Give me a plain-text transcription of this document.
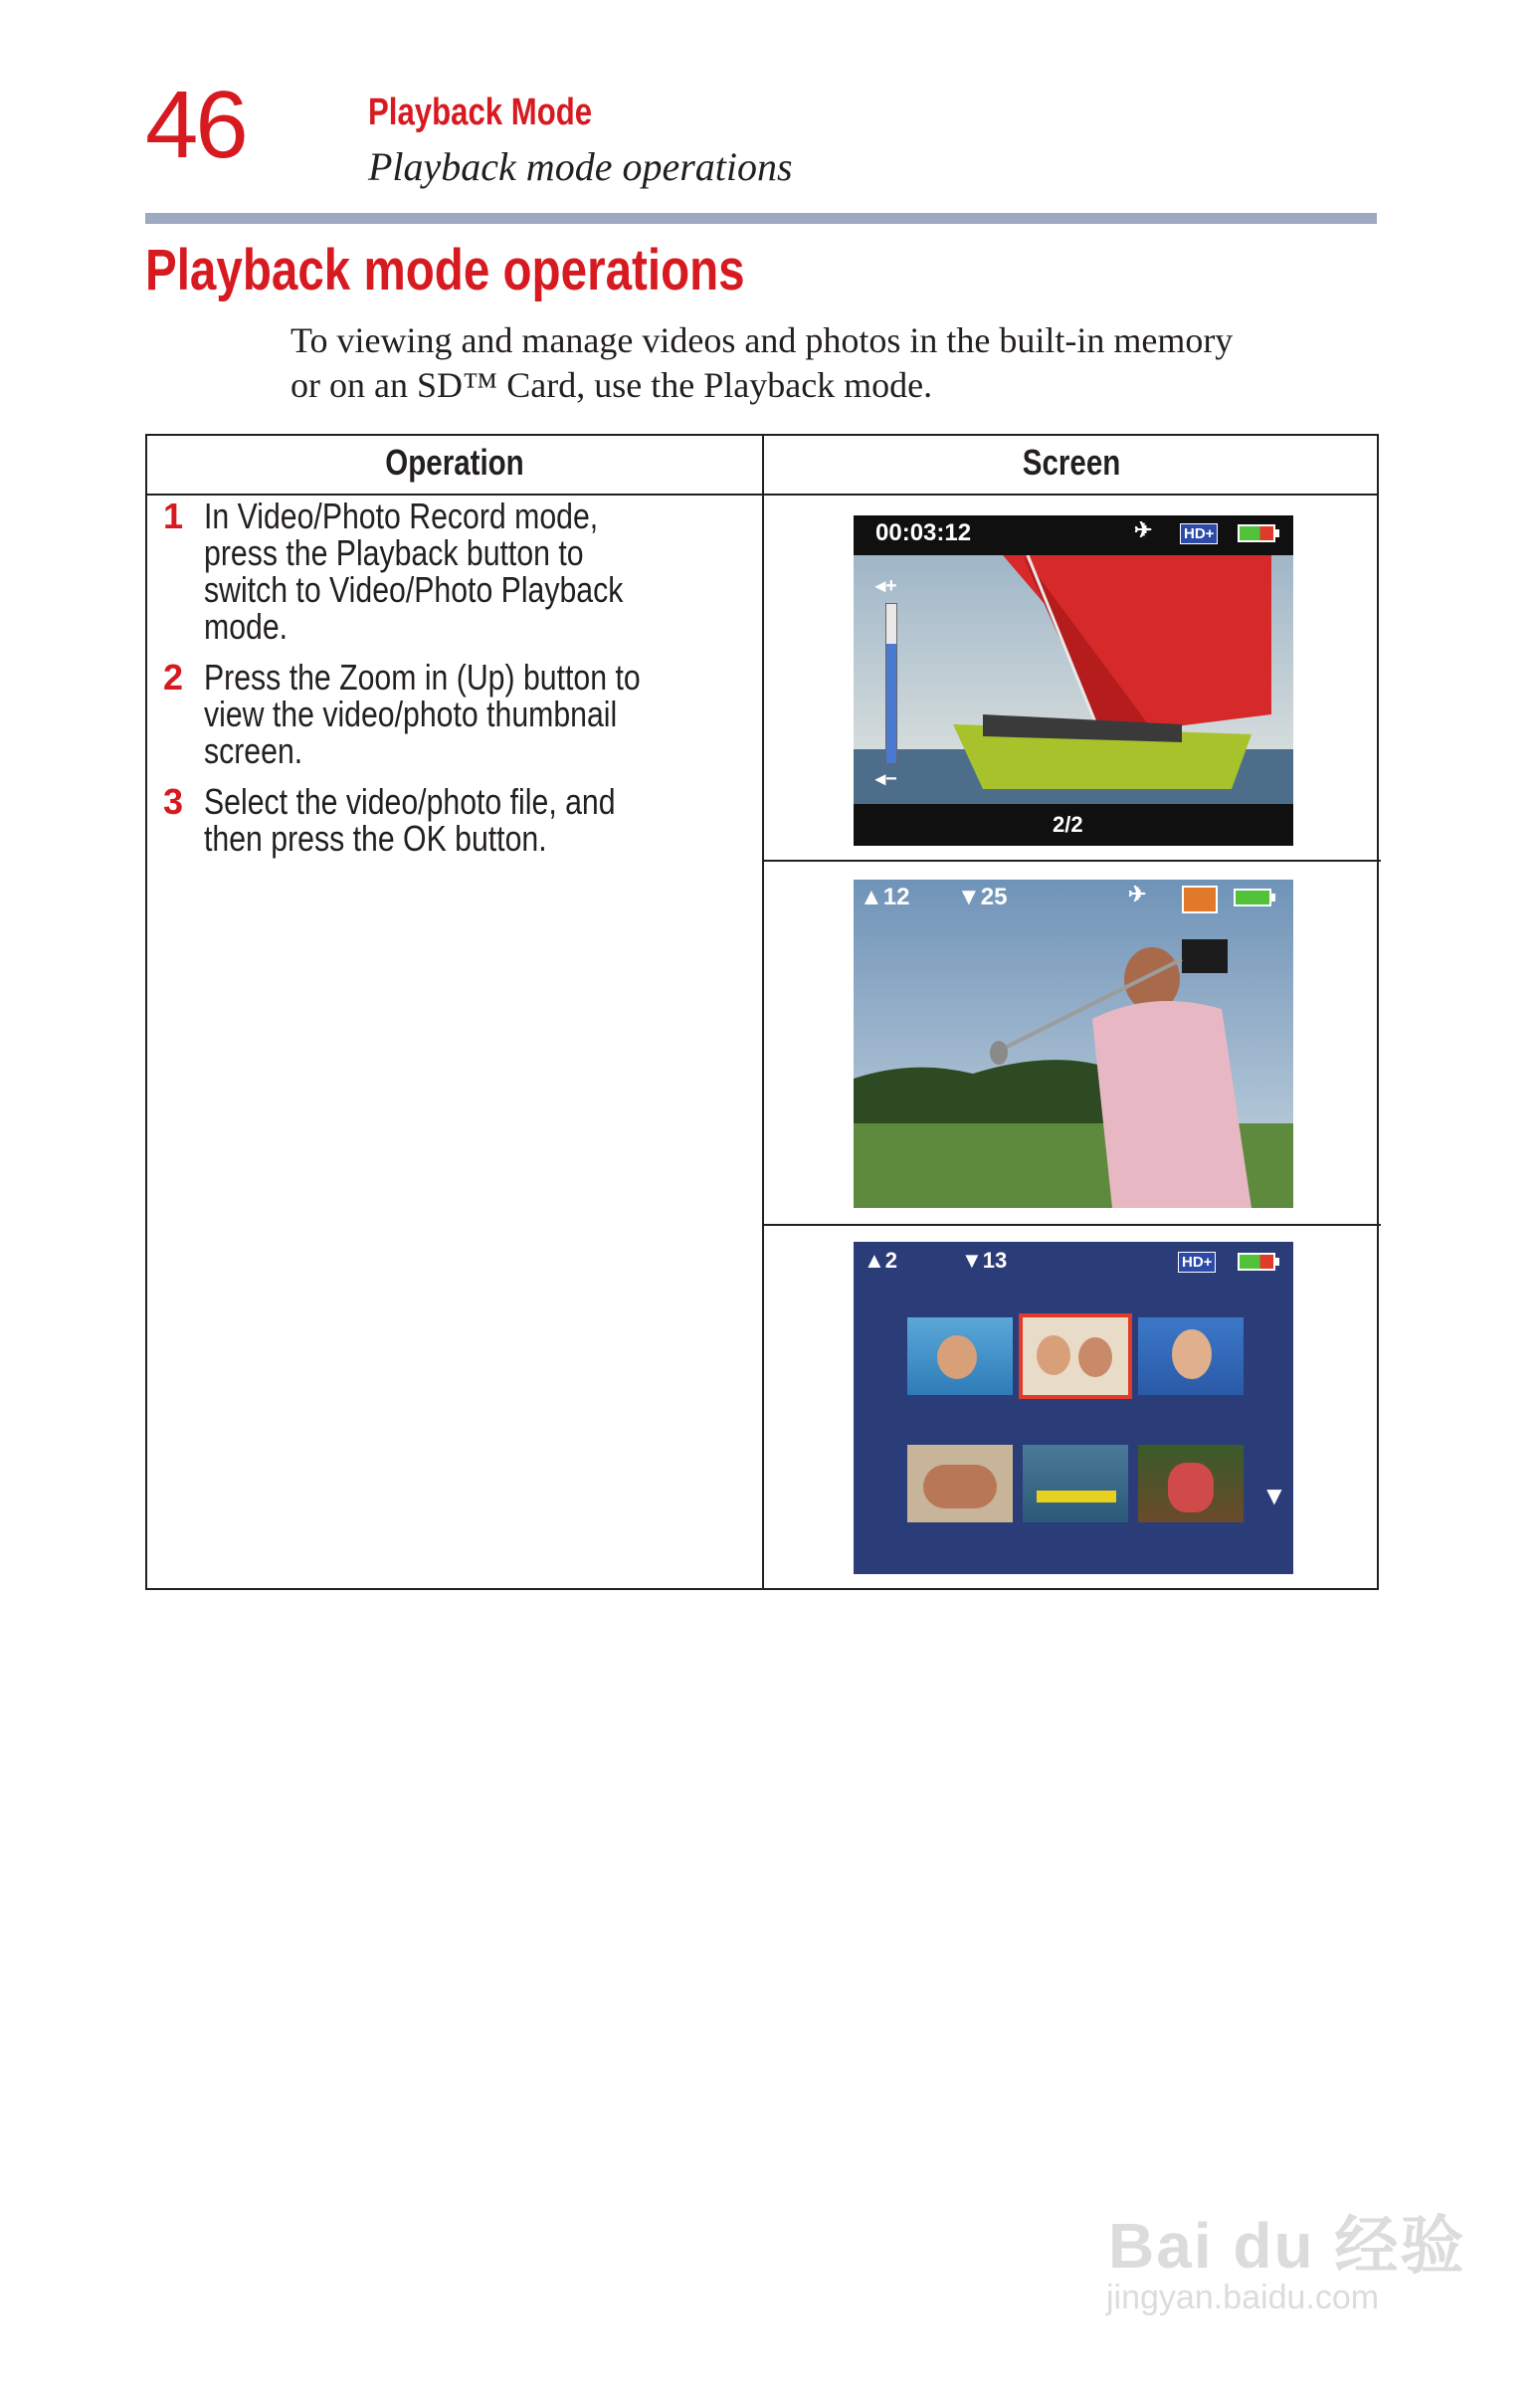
46	Playback Mode
Playback mode operations
Playback mode operations
To viewing and manage videos and photos in the built-in memory
or on an SD™ Card, use the Playback mode.
Operation	Screen
1 In Video/Photo Record mode, press the Playback button to switch to Video/Photo Playback mode.
2 Press the Zoom in (Up) button to view the video/photo thumbnail screen.
3 Select the video/photo file, and then press the OK button.
00:03:12	✈ HD+
◂+
◂−
2/2
▲12 ▼25	✈
▲2	▼13	HD+
▼
Bai du 经验
jingyan.baidu.com
